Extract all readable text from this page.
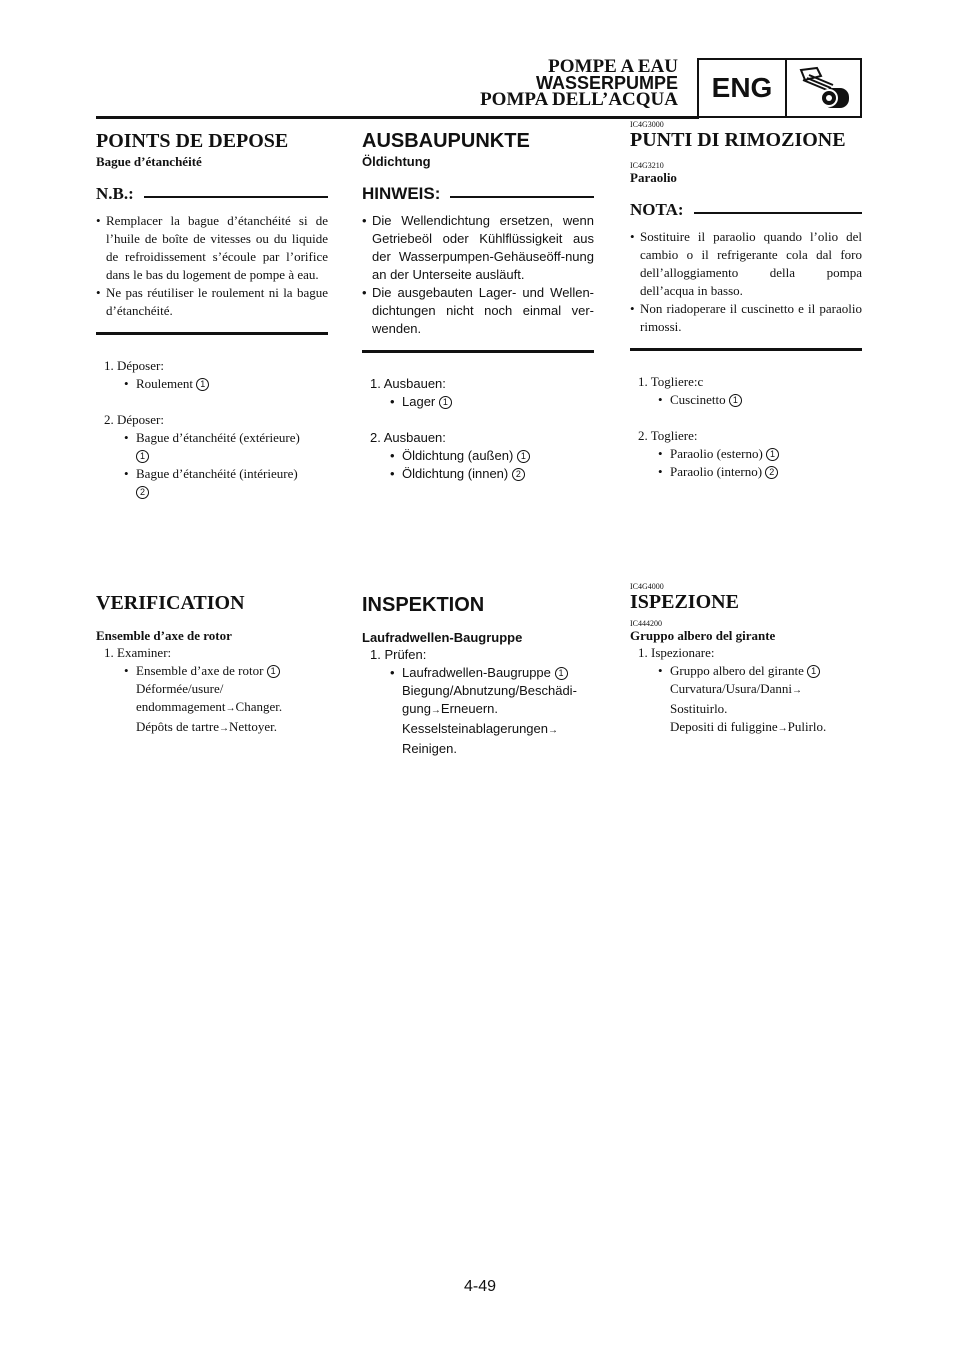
POMPE A EAU
WASSERPUMPE
POMPA DELL’ACQUA	ENG
POINTS DE DEPOSE
Bague d’étanchéité
N.B.:
• Remplacer la bague d’étanchéité si de l’huile de boîte de vitesses ou du liquide de refroidissement s’écoule par l’orifice dans le bas du logement de pompe à eau.
• Ne pas réutiliser le roulement ni la bague d’étanchéité.
1. Déposer:
• Roulement 1
2. Déposer:
• Bague d’étanchéité (extérieure)
1
• Bague d’étanchéité (intérieure)
2
VERIFICATION
Ensemble d’axe de rotor
1. Examiner:
• Ensemble d’axe de rotor 1
Déformée/usure/
endommagement→Changer.
Dépôts de tartre→Nettoyer.
AUSBAUPUNKTE
Öldichtung
HINWEIS:
• Die Wellendichtung ersetzen, wenn Getriebeöl oder Kühlflüssigkeit aus der Wasserpumpen-Gehäuseöff-nung an der Unterseite ausläuft.
• Die ausgebauten Lager- und Wellen-dichtungen nicht noch einmal ver-wenden.
1. Ausbauen:
• Lager 1
2. Ausbauen:
• Öldichtung (außen) 1
• Öldichtung (innen) 2
INSPEKTION
Laufradwellen-Baugruppe
1. Prüfen:
• Laufradwellen-Baugruppe 1
Biegung/Abnutzung/Beschädi-
gung→Erneuern.
Kesselsteinablagerungen→
Reinigen.
IC4G3000
PUNTI DI RIMOZIONE
IC4G3210
Paraolio
NOTA:
• Sostituire il paraolio quando l’olio del cambio o il refrigerante cola dal foro dell’alloggiamento della pompa dell’acqua in basso.
• Non riadoperare il cuscinetto e il paraolio rimossi.
1. Togliere:c
• Cuscinetto 1
2. Togliere:
• Paraolio (esterno) 1
• Paraolio (interno) 2
IC4G4000
ISPEZIONE
IC444200
Gruppo albero del girante
1. Ispezionare:
• Gruppo albero del girante 1
Curvatura/Usura/Danni→
Sostituirlo.
Depositi di fuliggine→Pulirlo.
4-49
